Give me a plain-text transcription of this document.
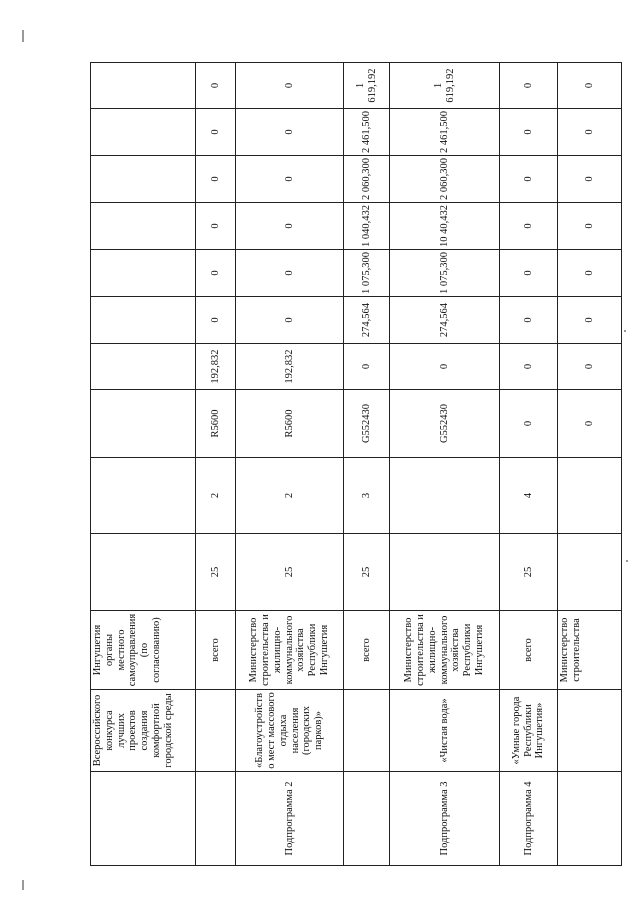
	Всероссийского конкурса лучших проектов создания комфортной городской среды	Ингушетия органы местного самоуправления (по согласованию)										
		всего	25	2	R5600	192,832	0	0	0	0	0	0
Подпрограмма 2	«Благоустройство мест массового отдыха населения (городских парков)»	Министерство строительства и жилищно-коммунального хозяйства Республики Ингушетия	25	2	R5600	192,832	0	0	0	0	0	0
		всего	25	3	G552430	0	274,564	1 075,300	1 040,432	2 060,300	2 461,500	1 619,192
Подпрограмма 3	«Чистая вода»	Министерство строительства и жилищно-коммунального хозяйства Республики Ингушетия			G552430	0	274,564	1 075,300	10 40,432	2 060,300	2 461,500	1 619,192
Подпрограмма 4	«Умные города Республики Ингушетия»	всего	25	4	0	0	0	0	0	0	0	0
		Министерство строительства			0	0	0	0	0	0	0	0
